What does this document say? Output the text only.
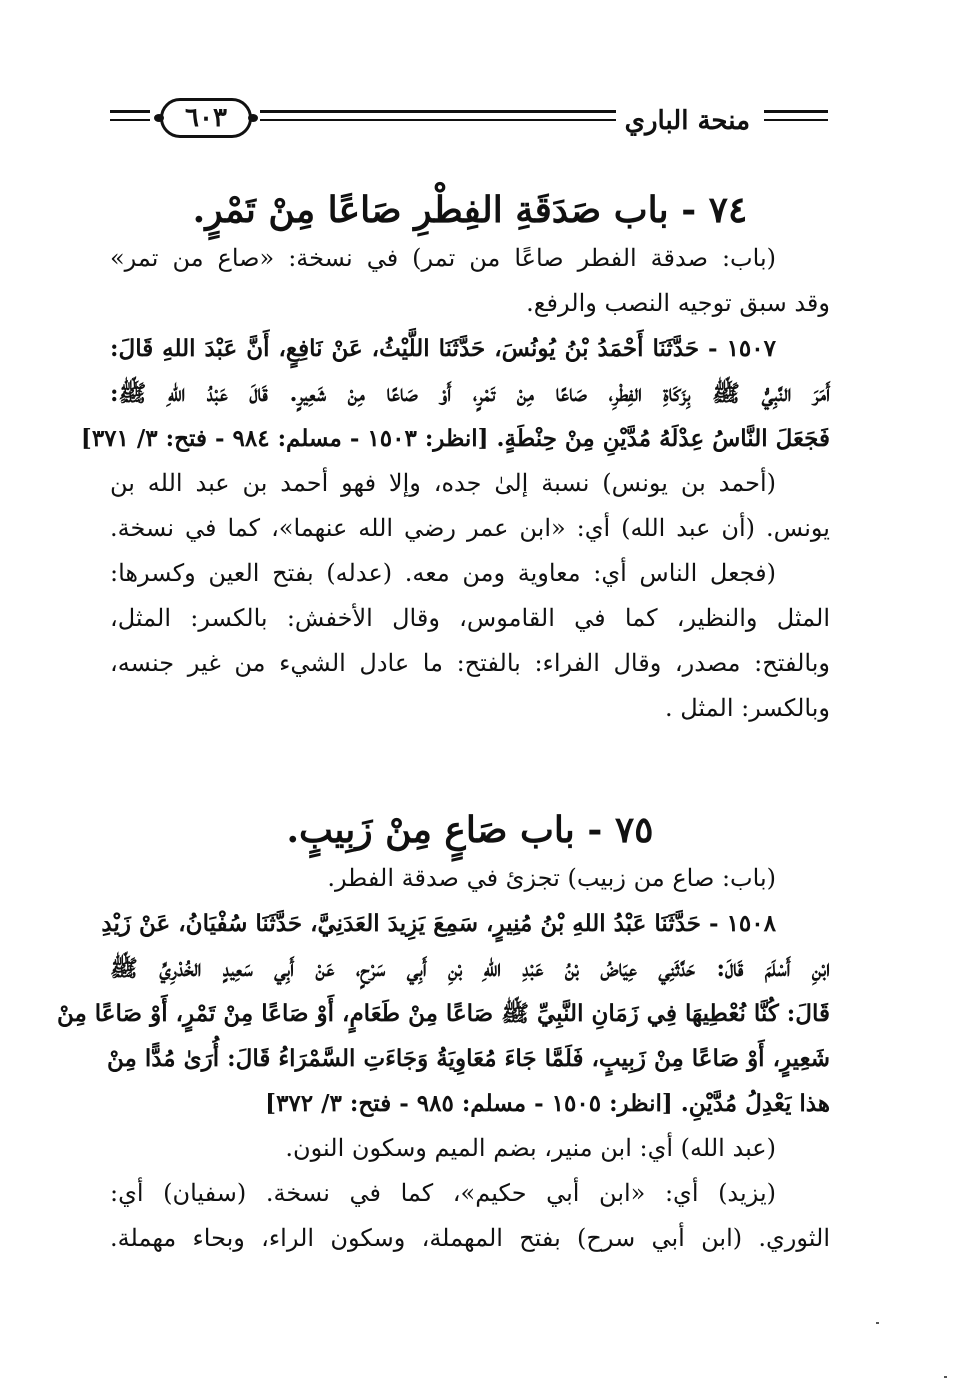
منحة الباري
٦٠٣
٧٤ - باب صَدَقَةِ الفِطْرِ صَاعًا مِنْ تَمْرٍ.
(باب: صدقة الفطر صاعًا من تمر) في نسخة: «صاع من تمر»
وقد سبق توجيه النصب والرفع.
١٥٠٧ - حَدَّثَنَا أَحْمَدُ بْنُ يُونُسَ، حَدَّثَنَا اللَّيْثُ، عَنْ نَافِعٍ، أَنَّ عَبْدَ اللهِ قَالَ:
أَمَرَ النَّبِيُّ ﷺ بِزَكَاةِ الفِطْرِ، صَاعًا مِنْ تَمْرٍ، أَوْ صَاعًا مِنْ شَعِيرٍ. قَالَ عَبْدُ اللهِ ﷺ:
فَجَعَلَ النَّاسُ عِدْلَهُ مُدَّيْنِ مِنْ حِنْطَةٍ. [انظر: ١٥٠٣ - مسلم: ٩٨٤ - فتح: ٣/ ٣٧١]
(أحمد بن يونس) نسبة إلىٰ جده، وإلا فهو أحمد بن عبد الله بن
يونس. (أن عبد الله) أي: «ابن عمر رضي الله عنهما»، كما في نسخة.
(فجعل الناس أي: معاوية ومن معه. (عدله) بفتح العين وكسرها:
المثل والنظير، كما في القاموس، وقال الأخفش: بالكسر: المثل،
وبالفتح: مصدر، وقال الفراء: بالفتح: ما عادل الشيء من غير جنسه،
وبالكسر: المثل .
٧٥ - باب صَاعٍ مِنْ زَبِيبٍ.
(باب: صاع من زبيب) تجزئ في صدقة الفطر.
١٥٠٨ - حَدَّثَنَا عَبْدُ اللهِ بْنُ مُنِيرٍ، سَمِعَ يَزِيدَ العَدَنِيَّ، حَدَّثَنَا سُفْيَانُ، عَنْ زَيْدِ
ابْنِ أَسْلَمَ قَالَ: حَدَّثَنِي عِيَاضُ بْنُ عَبْدِ اللهِ بْنِ أَبِي سَرْحٍ، عَنْ أَبِي سَعِيدٍ الخُدْرِيِّ ﷺ
قَالَ: كُنَّا نُعْطِيهَا فِي زَمَانِ النَّبِيِّ ﷺ صَاعًا مِنْ طَعَامٍ، أَوْ صَاعًا مِنْ تَمْرٍ، أَوْ صَاعًا مِنْ
شَعِيرٍ، أَوْ صَاعًا مِنْ زَبِيبٍ، فَلَمَّا جَاءَ مُعَاوِيَةُ وَجَاءَتِ السَّمْرَاءُ قَالَ: أُرَىٰ مُدًّا مِنْ
هذا يَعْدِلُ مُدَّيْنِ. [انظر: ١٥٠٥ - مسلم: ٩٨٥ - فتح: ٣/ ٣٧٢]
(عبد الله) أي: ابن منير، بضم الميم وسكون النون.
(يزيد) أي: «ابن أبي حكيم»، كما في نسخة. (سفيان) أي:
الثوري. (ابن أبي سرح) بفتح المهملة، وسكون الراء، وبحاء مهملة.
